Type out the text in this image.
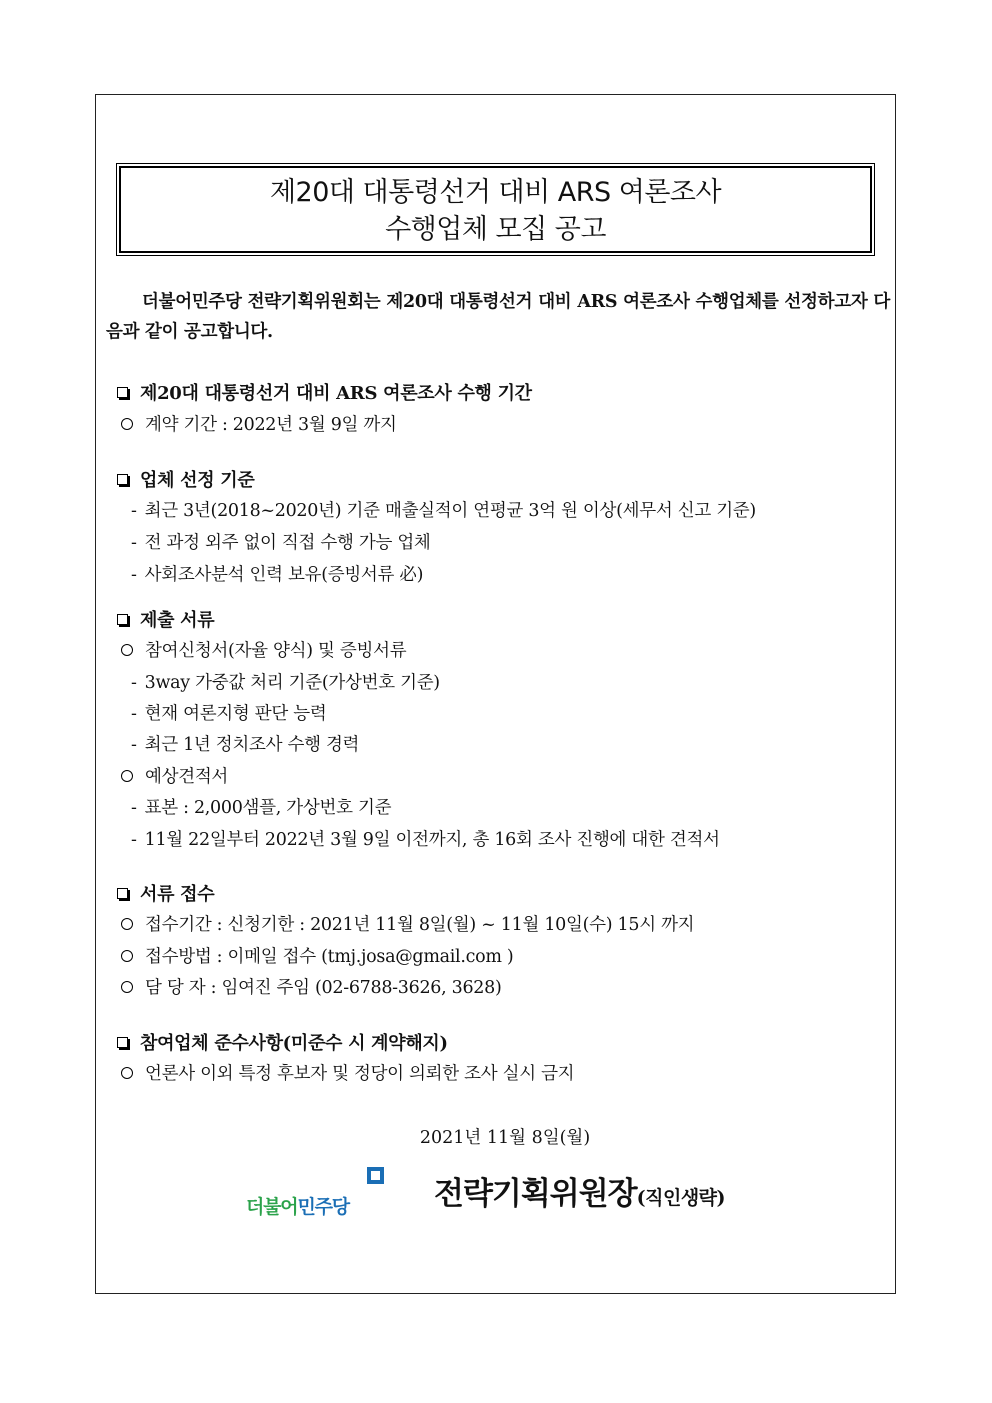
제20대 대통령선거 대비 ARS 여론조사
수행업체 모집 공고
더불어민주당 전략기획위원회는 제20대 대통령선거 대비 ARS 여론조사 수행업체를 선정하고자 다음과 같이 공고합니다.
제20대 대통령선거 대비 ARS 여론조사 수행 기간
계약 기간 : 2022년 3월 9일 까지
업체 선정 기준
- 최근 3년(2018~2020년) 기준 매출실적이 연평균 3억 원 이상(세무서 신고 기준)
- 전 과정 외주 없이 직접 수행 가능 업체
- 사회조사분석 인력 보유(증빙서류 必)
제출 서류
참여신청서(자율 양식) 및 증빙서류
- 3way 가중값 처리 기준(가상번호 기준)
- 현재 여론지형 판단 능력
- 최근 1년 정치조사 수행 경력
예상견적서
- 표본 : 2,000샘플, 가상번호 기준
- 11월 22일부터 2022년 3월 9일 이전까지, 총 16회 조사 진행에 대한 견적서
서류 접수
접수기간 : 신청기한 : 2021년 11월 8일(월) ~ 11월 10일(수) 15시 까지
접수방법 : 이메일 접수 (tmj.josa@gmail.com )
담 당 자 : 임여진 주임 (02-6788-3626, 3628)
참여업체 준수사항(미준수 시 계약해지)
언론사 이외 특정 후보자 및 정당이 의뢰한 조사 실시 금지
2021년 11월 8일(월)
더불어민주당	전략기획위원장(직인생략)
